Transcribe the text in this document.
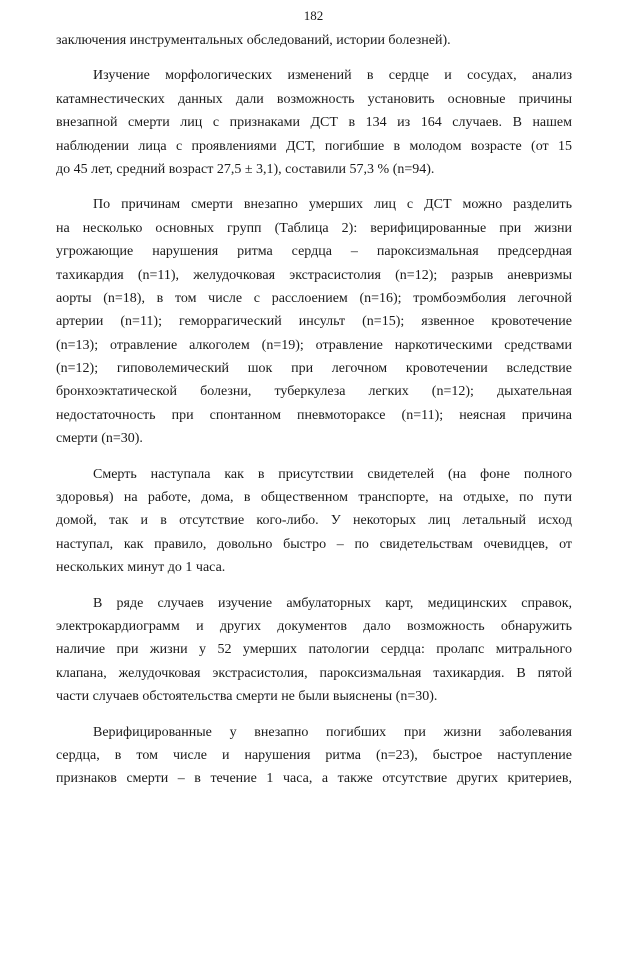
182
заключения инструментальных обследований, истории болезней).
Изучение морфологических изменений в сердце и сосудах, анализ
катамнестических данных дали возможность установить основные причины
внезапной смерти лиц с признаками ДСТ в 134 из 164 случаев. В нашем
наблюдении лица с проявлениями ДСТ, погибшие в молодом возрасте (от 15
до 45 лет, средний возраст 27,5 ± 3,1), составили 57,3 % (n=94).
По причинам смерти внезапно умерших лиц с ДСТ можно разделить
на несколько основных групп (Таблица 2): верифицированные при жизни
угрожающие нарушения ритма сердца – пароксизмальная предсердная
тахикардия (n=11), желудочковая экстрасистолия (n=12); разрыв аневризмы
аорты (n=18), в том числе с расслоением (n=16); тромбоэмболия легочной
артерии (n=11); геморрагический инсульт (n=15); язвенное кровотечение
(n=13); отравление алкоголем (n=19); отравление наркотическими средствами
(n=12); гиповолемический шок при легочном кровотечении вследствие
бронхоэктатической болезни, туберкулеза легких (n=12); дыхательная
недостаточность при спонтанном пневмотораксе (n=11); неясная причина
смерти (n=30).
Смерть наступала как в присутствии свидетелей (на фоне полного
здоровья) на работе, дома, в общественном транспорте, на отдыхе, по пути
домой, так и в отсутствие кого-либо. У некоторых лиц летальный исход
наступал, как правило, довольно быстро – по свидетельствам очевидцев, от
нескольких минут до 1 часа.
В ряде случаев изучение амбулаторных карт, медицинских справок,
электрокардиограмм и других документов дало возможность обнаружить
наличие при жизни у 52 умерших патологии сердца: пролапс митрального
клапана, желудочковая экстрасистолия, пароксизмальная тахикардия. В пятой
части случаев обстоятельства смерти не были выяснены (n=30).
Верифицированные у внезапно погибших при жизни заболевания
сердца, в том числе и нарушения ритма (n=23), быстрое наступление
признаков смерти – в течение 1 часа, а также отсутствие других критериев,
